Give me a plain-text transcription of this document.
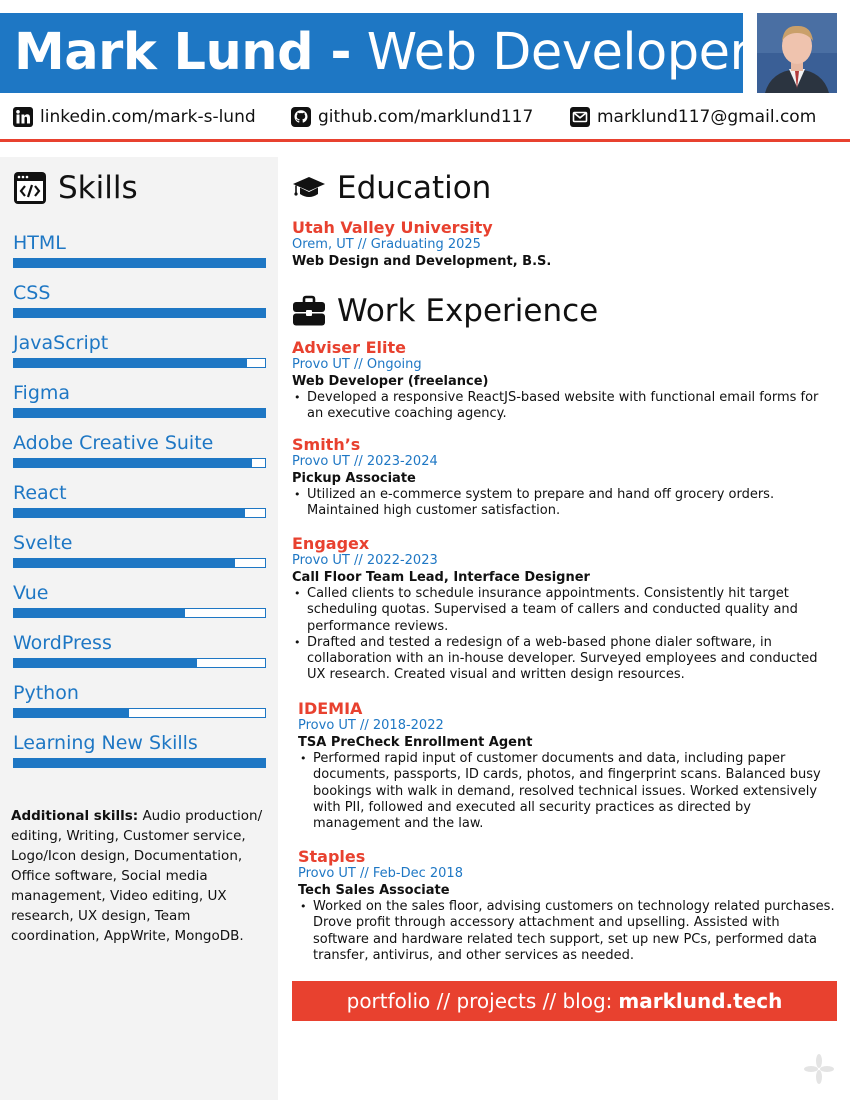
Mark Lund - Web Developer
linkedin.com/mark-s-lund	github.com/marklund117	marklund117@gmail.com
Skills
HTML
CSS
JavaScript
Figma
Adobe Creative Suite
React
Svelte
Vue
WordPress
Python
Learning New Skills
Additional skills: Audio production/ editing, Writing, Customer service, Logo/Icon design, Documentation, Office software, Social media management, Video editing, UX research, UX design, Team coordination, AppWrite, MongoDB.
Education
Utah Valley University
Orem, UT // Graduating 2025
Web Design and Development, B.S.
Work Experience
Adviser Elite
Provo UT // Ongoing
Web Developer (freelance)
• Developed a responsive ReactJS-based website with functional email forms for an executive coaching agency.
Smith’s
Provo UT // 2023-2024
Pickup Associate
• Utilized an e-commerce system to prepare and hand off grocery orders. Maintained high customer satisfaction.
Engagex
Provo UT // 2022-2023
Call Floor Team Lead, Interface Designer
• Called clients to schedule insurance appointments. Consistently hit target scheduling quotas. Supervised a team of callers and conducted quality and performance reviews.
• Drafted and tested a redesign of a web-based phone dialer software, in collaboration with an in-house developer. Surveyed employees and conducted UX research. Created visual and written design resources.
IDEMIA
Provo UT // 2018-2022
TSA PreCheck Enrollment Agent
• Performed rapid input of customer documents and data, including paper documents, passports, ID cards, photos, and fingerprint scans. Balanced busy bookings with walk in demand, resolved technical issues. Worked extensively with PII, followed and executed all security practices as directed by management and the law.
Staples
Provo UT // Feb-Dec 2018
Tech Sales Associate
• Worked on the sales floor, advising customers on technology related purchases. Drove profit through accessory attachment and upselling. Assisted with software and hardware related tech support, set up new PCs, performed data transfer, antivirus, and other services as needed.
portfolio // projects // blog: marklund.tech
